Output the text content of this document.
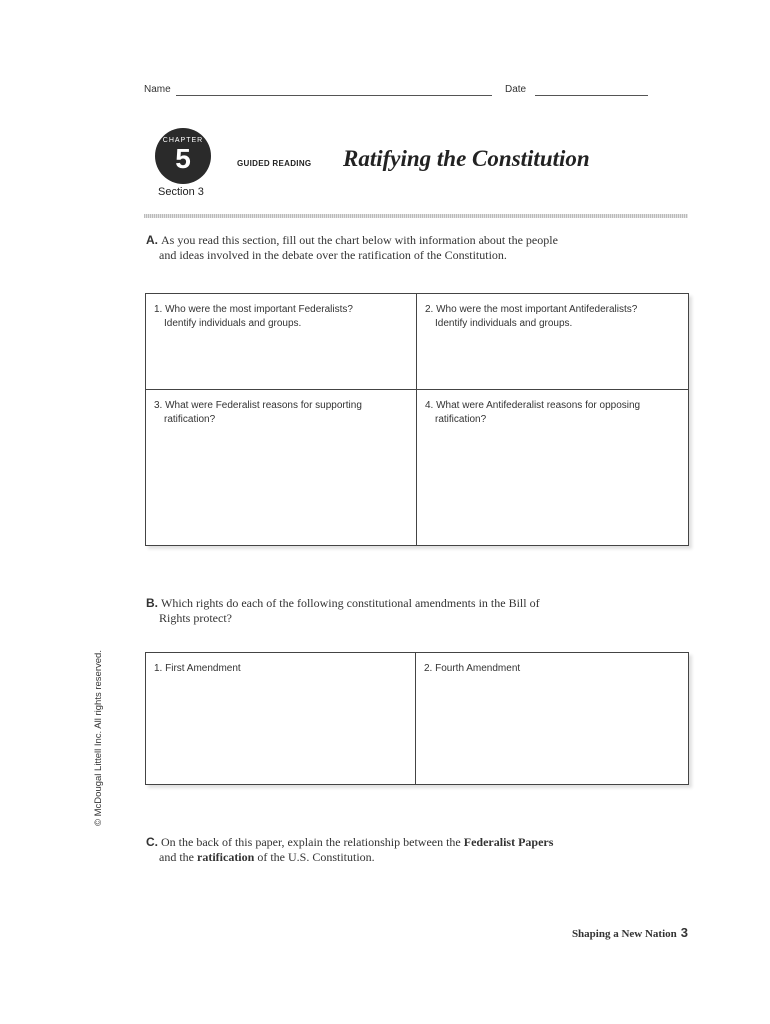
Name	Date
CHAPTER
5
Section 3
GUIDED READING Ratifying the Constitution
A. As you read this section, fill out the chart below with information about the people
and ideas involved in the debate over the ratification of the Constitution.
1. Who were the most important Federalists?
Identify individuals and groups.
2. Who were the most important Antifederalists?
Identify individuals and groups.
3. What were Federalist reasons for supporting
ratification?
4. What were Antifederalist reasons for opposing
ratification?
B. Which rights do each of the following constitutional amendments in the Bill of
Rights protect?
1. First Amendment	2. Fourth Amendment
© McDougal Littell Inc. All rights reserved.
C. On the back of this paper, explain the relationship between the Federalist Papers
and the ratification of the U.S. Constitution.
Shaping a New Nation 3
